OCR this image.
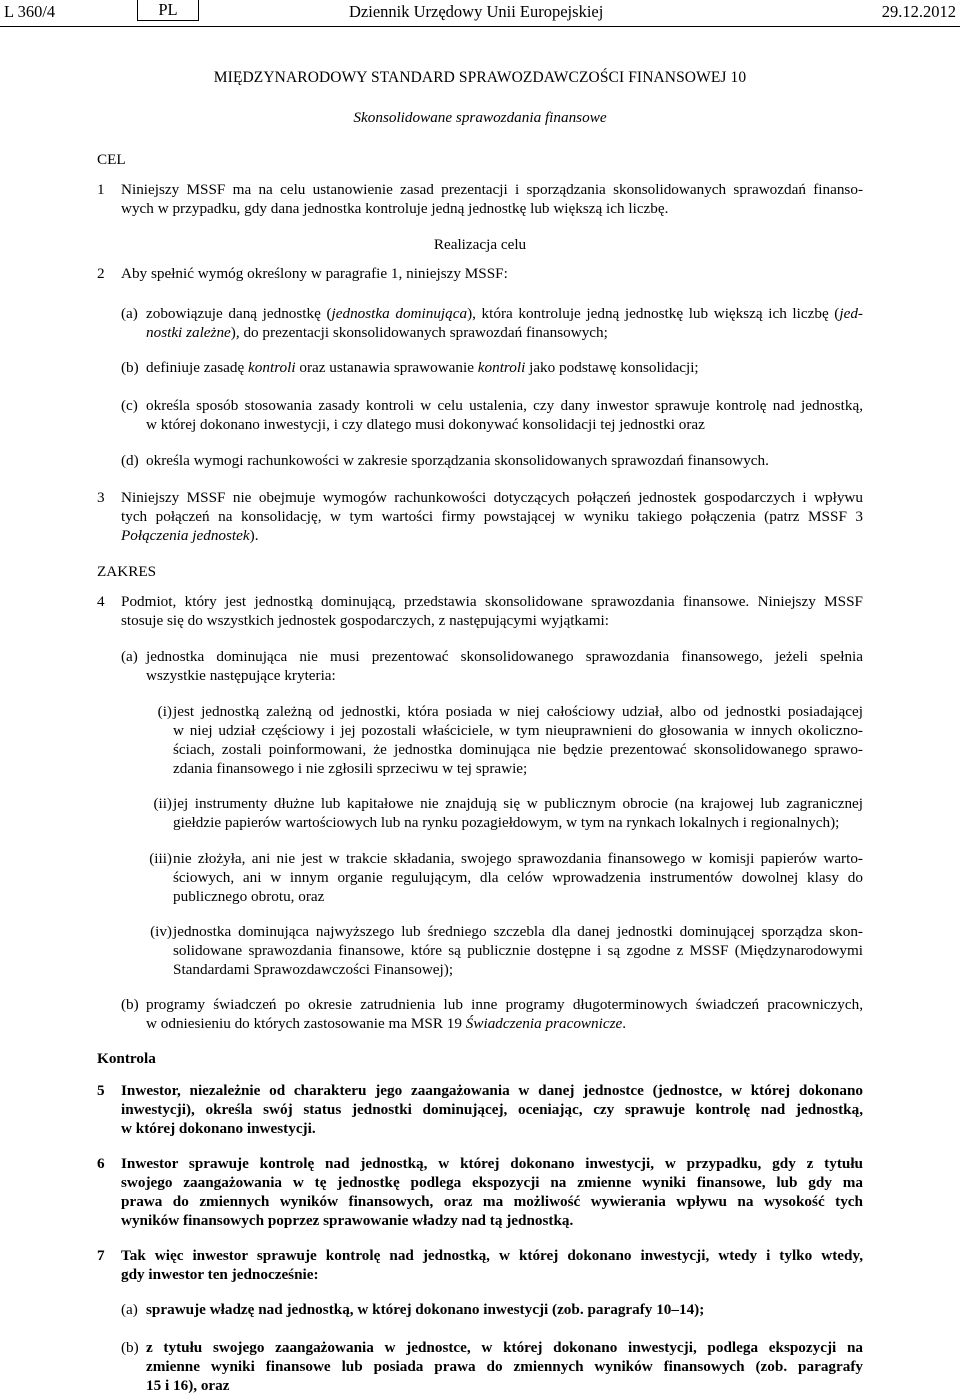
L 360/4	PL	Dziennik Urzędowy Unii Europejskiej	29.12.2012
MIĘDZYNARODOWY STANDARD SPRAWOZDAWCZOŚCI FINANSOWEJ 10
Skonsolidowane sprawozdania finansowe
CEL
1 Niniejszy MSSF ma na celu ustanowienie zasad prezentacji i sporządzania skonsolidowanych sprawozdań finanso-
wych w przypadku, gdy dana jednostka kontroluje jedną jednostkę lub większą ich liczbę.
Realizacja celu
2 Aby spełnić wymóg określony w paragrafie 1, niniejszy MSSF:
(a) zobowiązuje daną jednostkę (jednostka dominująca), która kontroluje jedną jednostkę lub większą ich liczbę (jed-
nostki zależne), do prezentacji skonsolidowanych sprawozdań finansowych;
(b) definiuje zasadę kontroli oraz ustanawia sprawowanie kontroli jako podstawę konsolidacji;
(c) określa sposób stosowania zasady kontroli w celu ustalenia, czy dany inwestor sprawuje kontrolę nad jednostką,
w której dokonano inwestycji, i czy dlatego musi dokonywać konsolidacji tej jednostki oraz
(d) określa wymogi rachunkowości w zakresie sporządzania skonsolidowanych sprawozdań finansowych.
3 Niniejszy MSSF nie obejmuje wymogów rachunkowości dotyczących połączeń jednostek gospodarczych i wpływu
tych połączeń na konsolidację, w tym wartości firmy powstającej w wyniku takiego połączenia (patrz MSSF 3
Połączenia jednostek).
ZAKRES
4 Podmiot, który jest jednostką dominującą, przedstawia skonsolidowane sprawozdania finansowe. Niniejszy MSSF
stosuje się do wszystkich jednostek gospodarczych, z następującymi wyjątkami:
(a) jednostka dominująca nie musi prezentować skonsolidowanego sprawozdania finansowego, jeżeli spełnia
wszystkie następujące kryteria:
(i) jest jednostką zależną od jednostki, która posiada w niej całościowy udział, albo od jednostki posiadającej
w niej udział częściowy i jej pozostali właściciele, w tym nieuprawnieni do głosowania w innych okoliczno-
ściach, zostali poinformowani, że jednostka dominująca nie będzie prezentować skonsolidowanego sprawo-
zdania finansowego i nie zgłosili sprzeciwu w tej sprawie;
(ii) jej instrumenty dłużne lub kapitałowe nie znajdują się w publicznym obrocie (na krajowej lub zagranicznej
giełdzie papierów wartościowych lub na rynku pozagiełdowym, w tym na rynkach lokalnych i regionalnych);
(iii) nie złożyła, ani nie jest w trakcie składania, swojego sprawozdania finansowego w komisji papierów warto-
ściowych, ani w innym organie regulującym, dla celów wprowadzenia instrumentów dowolnej klasy do
publicznego obrotu, oraz
(iv) jednostka dominująca najwyższego lub średniego szczebla dla danej jednostki dominującej sporządza skon-
solidowane sprawozdania finansowe, które są publicznie dostępne i są zgodne z MSSF (Międzynarodowymi
Standardami Sprawozdawczości Finansowej);
(b) programy świadczeń po okresie zatrudnienia lub inne programy długoterminowych świadczeń pracowniczych,
w odniesieniu do których zastosowanie ma MSR 19 Świadczenia pracownicze.
Kontrola
5 Inwestor, niezależnie od charakteru jego zaangażowania w danej jednostce (jednostce, w której dokonano
inwestycji), określa swój status jednostki dominującej, oceniając, czy sprawuje kontrolę nad jednostką,
w której dokonano inwestycji.
6 Inwestor sprawuje kontrolę nad jednostką, w której dokonano inwestycji, w przypadku, gdy z tytułu
swojego zaangażowania w tę jednostkę podlega ekspozycji na zmienne wyniki finansowe, lub gdy ma
prawa do zmiennych wyników finansowych, oraz ma możliwość wywierania wpływu na wysokość tych
wyników finansowych poprzez sprawowanie władzy nad tą jednostką.
7 Tak więc inwestor sprawuje kontrolę nad jednostką, w której dokonano inwestycji, wtedy i tylko wtedy,
gdy inwestor ten jednocześnie:
(a) sprawuje władzę nad jednostką, w której dokonano inwestycji (zob. paragrafy 10–14);
(b) z tytułu swojego zaangażowania w jednostce, w której dokonano inwestycji, podlega ekspozycji na
zmienne wyniki finansowe lub posiada prawa do zmiennych wyników finansowych (zob. paragrafy
15 i 16), oraz
